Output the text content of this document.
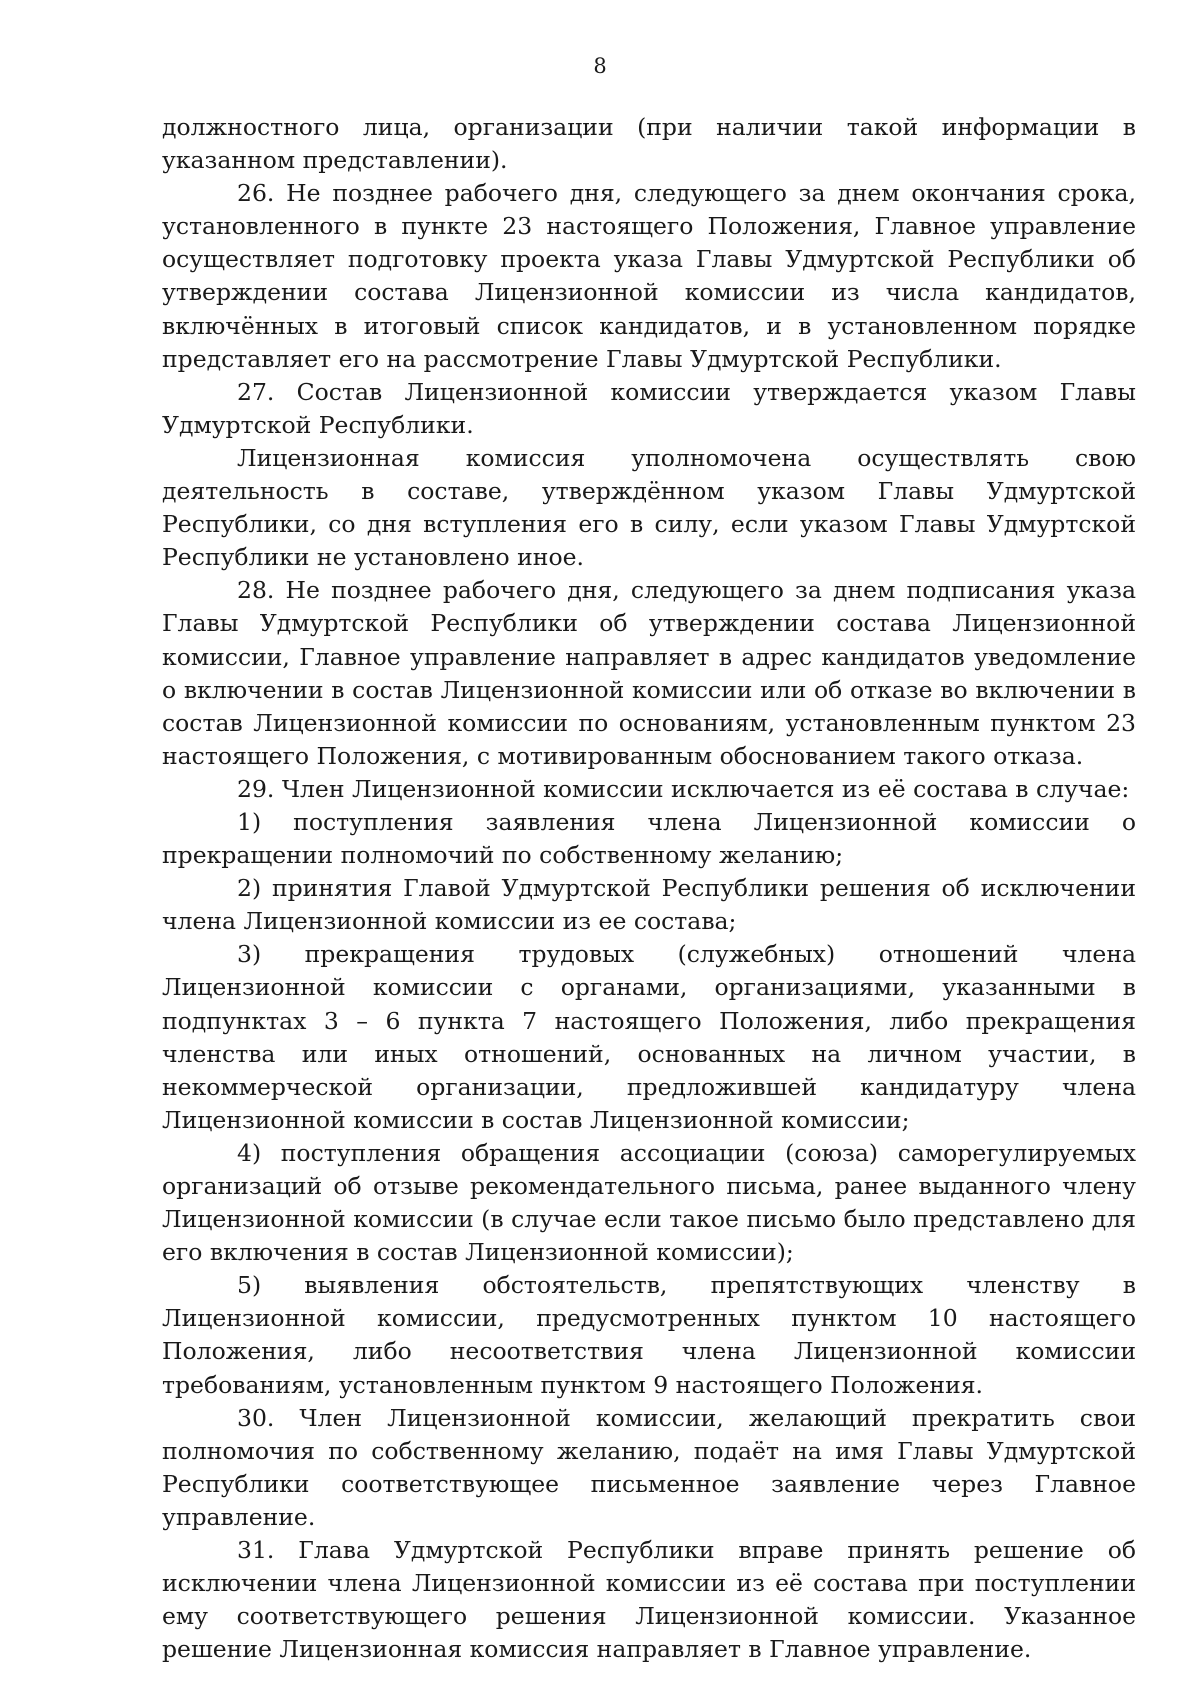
8

должностного лица, организации (при наличии такой информации в указанном представлении).

26. Не позднее рабочего дня, следующего за днем окончания срока, установленного в пункте 23 настоящего Положения, Главное управление осуществляет подготовку проекта указа Главы Удмуртской Республики об утверждении состава Лицензионной комиссии из числа кандидатов, включённых в итоговый список кандидатов, и в установленном порядке представляет его на рассмотрение Главы Удмуртской Республики.

27. Состав Лицензионной комиссии утверждается указом Главы Удмуртской Республики.

Лицензионная комиссия уполномочена осуществлять свою деятельность в составе, утверждённом указом Главы Удмуртской Республики, со дня вступления его в силу, если указом Главы Удмуртской Республики не установлено иное.

28. Не позднее рабочего дня, следующего за днем подписания указа Главы Удмуртской Республики об утверждении состава Лицензионной комиссии, Главное управление направляет в адрес кандидатов уведомление о включении в состав Лицензионной комиссии или об отказе во включении в состав Лицензионной комиссии по основаниям, установленным пунктом 23 настоящего Положения, с мотивированным обоснованием такого отказа.

29. Член Лицензионной комиссии исключается из её состава в случае:

1) поступления заявления члена Лицензионной комиссии о прекращении полномочий по собственному желанию;

2) принятия Главой Удмуртской Республики решения об исключении члена Лицензионной комиссии из ее состава;

3) прекращения трудовых (служебных) отношений члена Лицензионной комиссии с органами, организациями, указанными в подпунктах 3 – 6 пункта 7 настоящего Положения, либо прекращения членства или иных отношений, основанных на личном участии, в некоммерческой организации, предложившей кандидатуру члена Лицензионной комиссии в состав Лицензионной комиссии;

4) поступления обращения ассоциации (союза) саморегулируемых организаций об отзыве рекомендательного письма, ранее выданного члену Лицензионной комиссии (в случае если такое письмо было представлено для его включения в состав Лицензионной комиссии);

5) выявления обстоятельств, препятствующих членству в Лицензионной комиссии, предусмотренных пунктом 10 настоящего Положения, либо несоответствия члена Лицензионной комиссии требованиям, установленным пунктом 9 настоящего Положения.

30. Член Лицензионной комиссии, желающий прекратить свои полномочия по собственному желанию, подаёт на имя Главы Удмуртской Республики соответствующее письменное заявление через Главное управление.

31. Глава Удмуртской Республики вправе принять решение об исключении члена Лицензионной комиссии из её состава при поступлении ему соответствующего решения Лицензионной комиссии. Указанное решение Лицензионная комиссия направляет в Главное управление.
